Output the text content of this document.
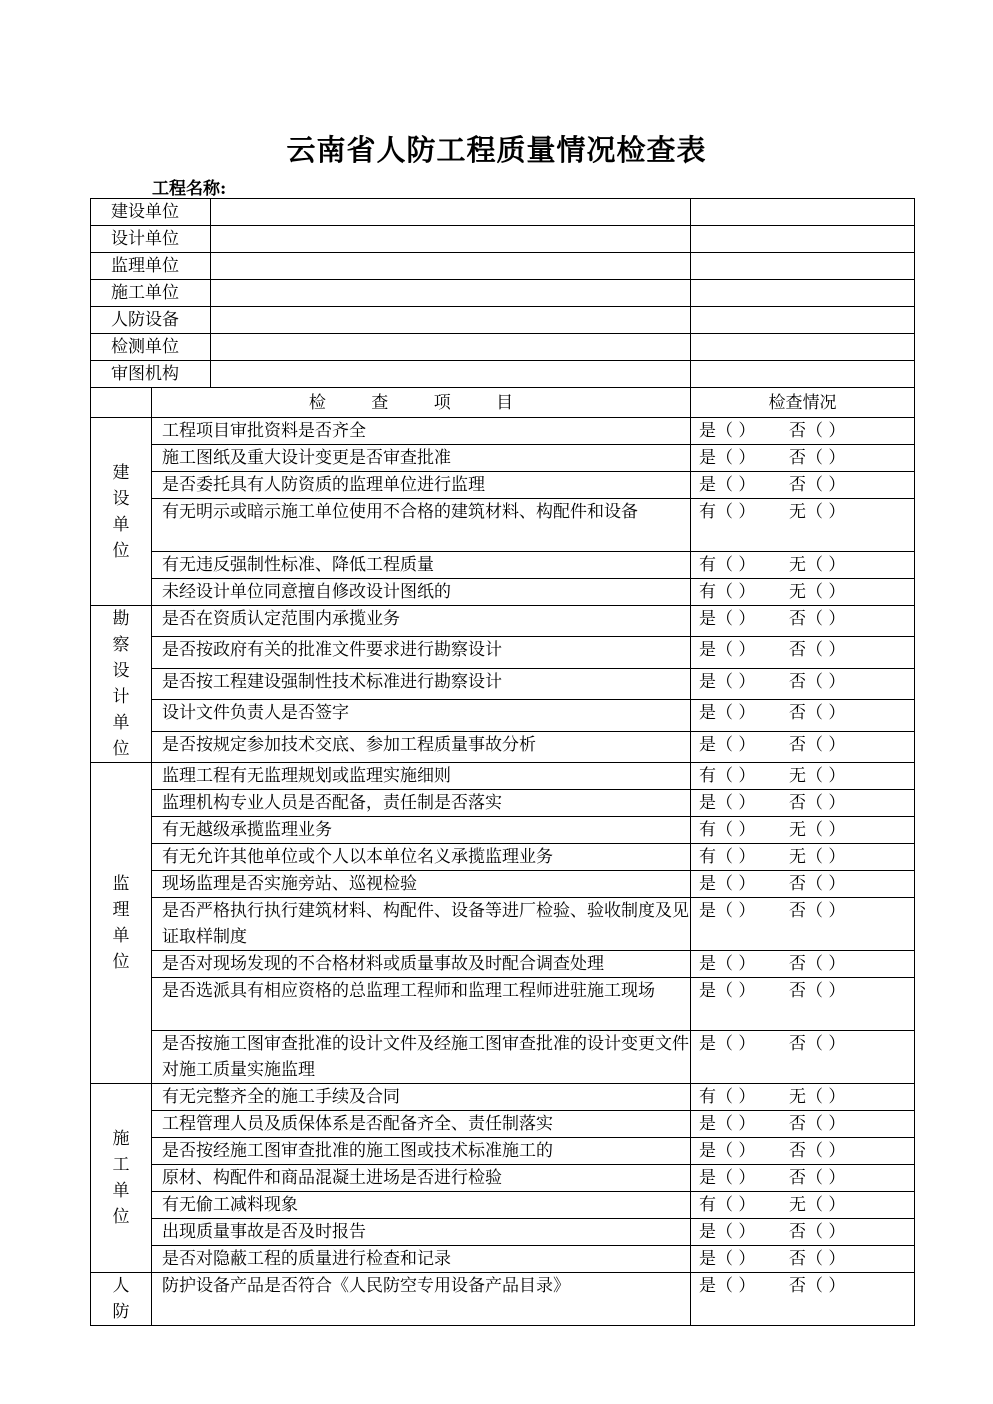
云南省人防工程质量情况检查表
工程名称:
建设单位			
设计单位			
监理单位			
施工单位			
人防设备			
检测单位			
审图机构			
	检 查 项 目		检查情况
建设单位	工程项目审批资料是否齐全		是（ ） 否（ ）
	施工图纸及重大设计变更是否审查批准		是（ ） 否（ ）
	是否委托具有人防资质的监理单位进行监理		是（ ） 否（ ）
	有无明示或暗示施工单位使用不合格的建筑材料、构配件和设备		有（ ） 无（ ）
	有无违反强制性标准、降低工程质量		有（ ） 无（ ）
	未经设计单位同意擅自修改设计图纸的		有（ ） 无（ ）
勘察设计单位	是否在资质认定范围内承揽业务		是（ ） 否（ ）
	是否按政府有关的批准文件要求进行勘察设计		是（ ） 否（ ）
	是否按工程建设强制性技术标准进行勘察设计		是（ ） 否（ ）
	设计文件负责人是否签字		是（ ） 否（ ）
	是否按规定参加技术交底、参加工程质量事故分析		是（ ） 否（ ）
监理单位	监理工程有无监理规划或监理实施细则		有（ ） 无（ ）
	监理机构专业人员是否配备，责任制是否落实		是（ ） 否（ ）
	有无越级承揽监理业务		有（ ） 无（ ）
	有无允许其他单位或个人以本单位名义承揽监理业务		有（ ） 无（ ）
	现场监理是否实施旁站、巡视检验		是（ ） 否（ ）
	是否严格执行执行建筑材料、构配件、设备等进厂检验、验收制度及见证取样制度		是（ ） 否（ ）
	是否对现场发现的不合格材料或质量事故及时配合调查处理		是（ ） 否（ ）
	是否选派具有相应资格的总监理工程师和监理工程师进驻施工现场		是（ ） 否（ ）
	是否按施工图审查批准的设计文件及经施工图审查批准的设计变更文件对施工质量实施监理		是（ ） 否（ ）
施工单位	有无完整齐全的施工手续及合同		有（ ） 无（ ）
	工程管理人员及质保体系是否配备齐全、责任制落实		是（ ） 否（ ）
	是否按经施工图审查批准的施工图或技术标准施工的		是（ ） 否（ ）
	原材、构配件和商品混凝土进场是否进行检验		是（ ） 否（ ）
	有无偷工减料现象		有（ ） 无（ ）
	出现质量事故是否及时报告		是（ ） 否（ ）
	是否对隐蔽工程的质量进行检查和记录		是（ ） 否（ ）
人防	防护设备产品是否符合《人民防空专用设备产品目录》		是（ ） 否（ ）
